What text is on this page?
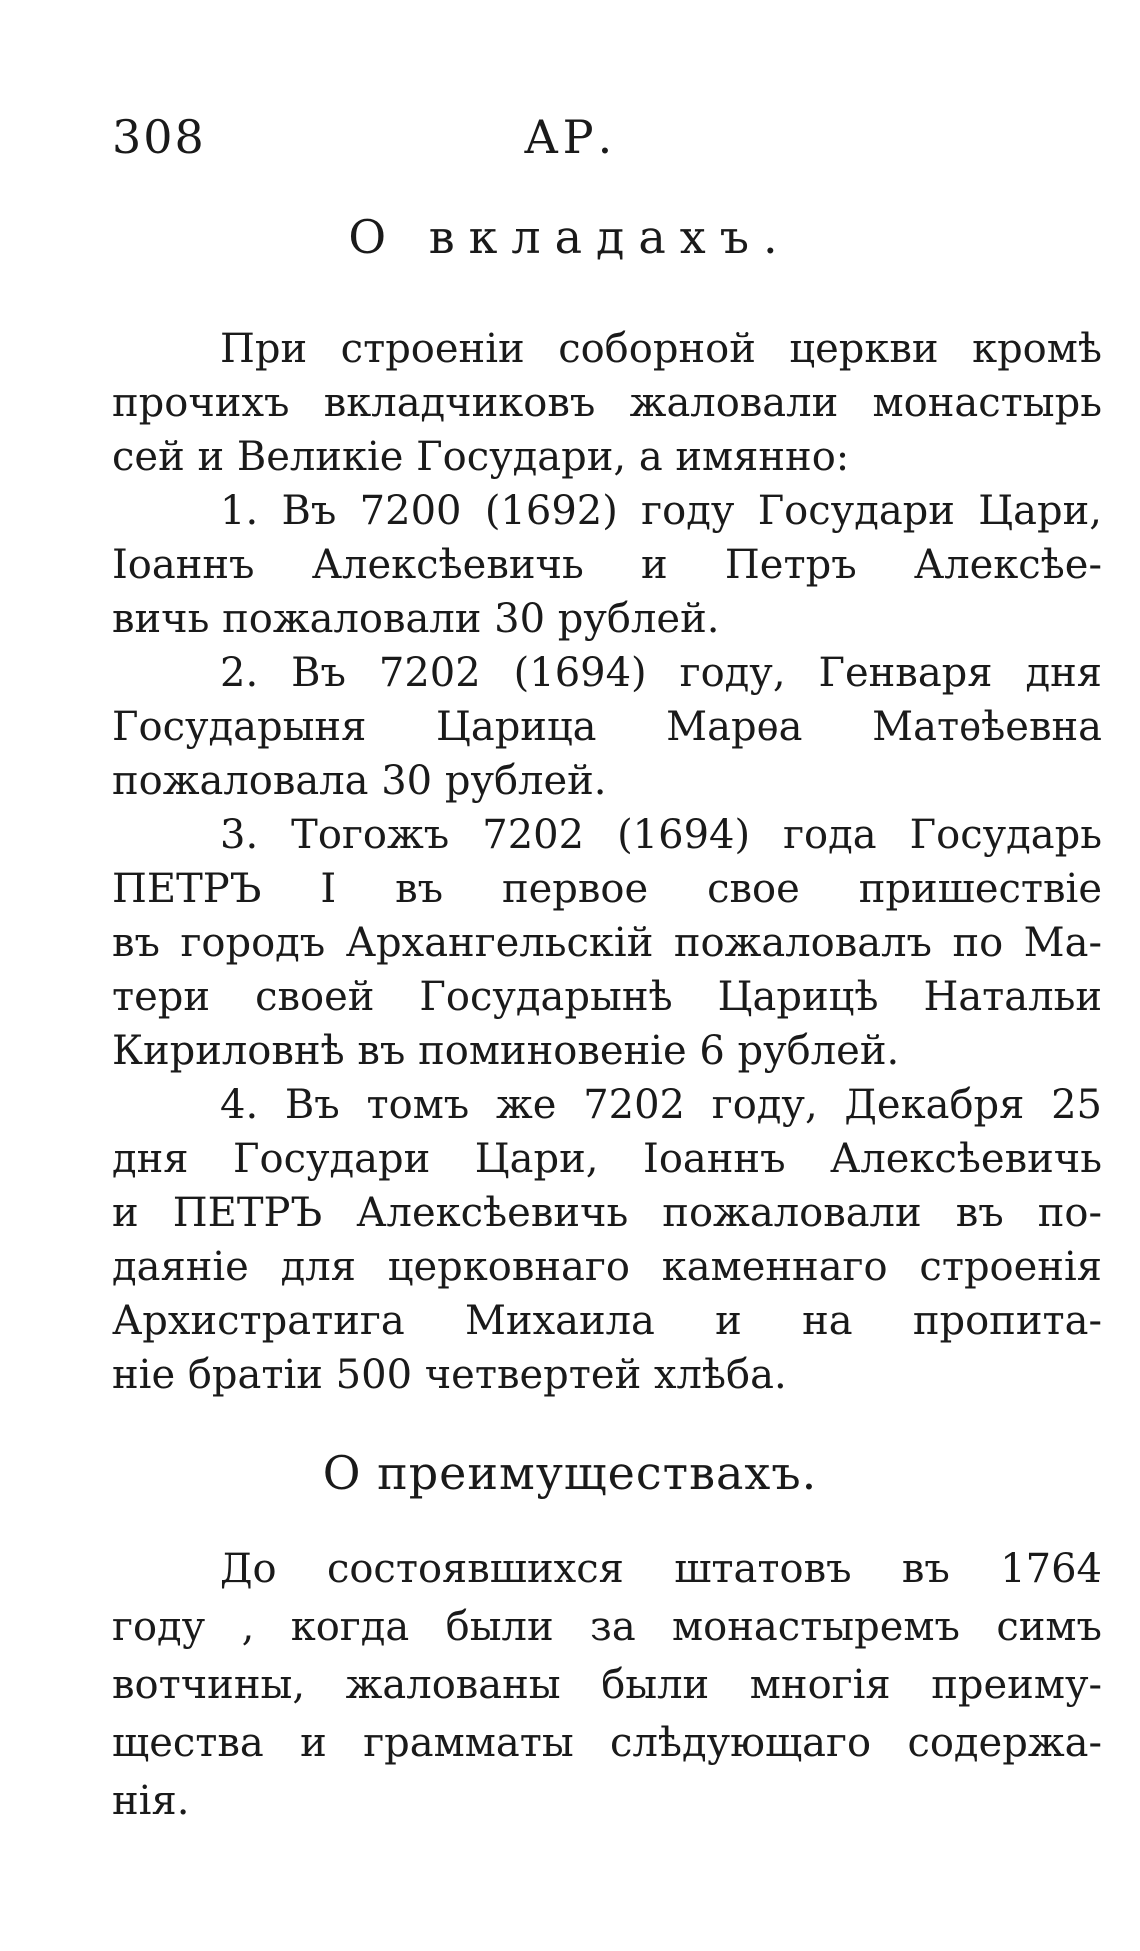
308	АР.
О вкладахъ.
При строеніи соборной церкви кромѣ
прочихъ вкладчиковъ жаловали монастырь
сей и Великіе Государи, а имянно:
1. Въ 7200 (1692) году Государи Цари,
Іоаннъ Алексѣевичь и Петръ Алексѣе-
вичь пожаловали 30 рублей.
2. Въ 7202 (1694) году, Генваря дня
Государыня Царица Марѳа Матѳѣевна
пожаловала 30 рублей.
3. Тогожъ 7202 (1694) года Государь
ПЕТРЪ I въ первое свое пришествіе
въ городъ Архангельскій пожаловалъ по Ма-
тери своей Государынѣ Царицѣ Натальи
Кириловнѣ въ поминовеніе 6 рублей.
4. Въ томъ же 7202 году, Декабря 25
дня Государи Цари, Іоаннъ Алексѣевичь
и ПЕТРЪ Алексѣевичь пожаловали въ по-
даяніе для церковнаго каменнаго строенія
Архистратига Михаила и на пропита-
ніе братіи 500 четвертей хлѣба.
О преимуществахъ.
До состоявшихся штатовъ въ 1764
году , когда были за монастыремъ симъ
вотчины, жалованы были многія преиму-
щества и граммaты слѣдующаго содержа-
нія.
